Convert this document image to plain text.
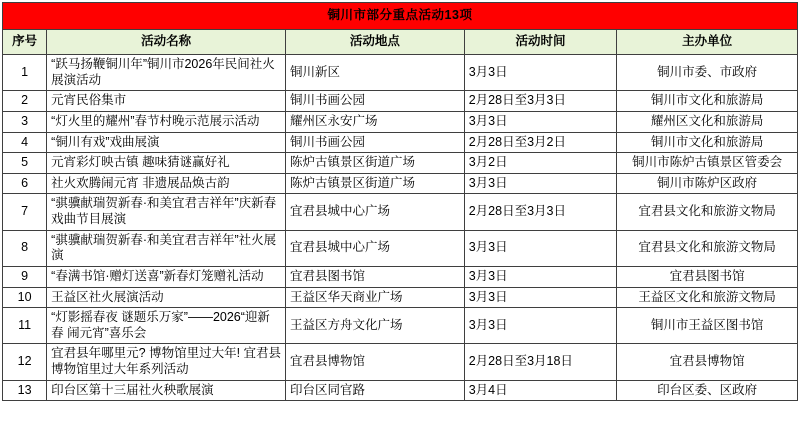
铜川市部分重点活动13项				
序号	活动名称	活动地点	活动时间	主办单位
1	“跃马扬鞭铜川年”铜川市2026年民间社火展演活动	铜川新区	3月3日	铜川市委、市政府
2	元宵民俗集市	铜川书画公园	2月28日至3月3日	铜川市文化和旅游局
3	“灯火里的耀州”春节村晚示范展示活动	耀州区永安广场	3月3日	耀州区文化和旅游局
4	“铜川有戏”戏曲展演	铜川书画公园	2月28日至3月2日	铜川市文化和旅游局
5	元宵彩灯映古镇 趣味猜谜赢好礼	陈炉古镇景区街道广场	3月2日	铜川市陈炉古镇景区管委会
6	社火欢腾闹元宵 非遗展品焕古韵	陈炉古镇景区街道广场	3月3日	铜川市陈炉区政府
7	“骐骥献瑞贺新春·和美宜君吉祥年”庆新春戏曲节目展演	宜君县城中心广场	2月28日至3月3日	宜君县文化和旅游文物局
8	“骐骥献瑞贺新春·和美宜君吉祥年”社火展演	宜君县城中心广场	3月3日	宜君县文化和旅游文物局
9	“春满书馆·赠灯送喜”新春灯笼赠礼活动	宜君县图书馆	3月3日	宜君县图书馆
10	王益区社火展演活动	王益区华天商业广场	3月3日	王益区文化和旅游文物局
11	“灯影摇春夜 谜题乐万家”——2026“迎新春 闹元宵”喜乐会	王益区方舟文化广场	3月3日	铜川市王益区图书馆
12	宜君县年哪里元? 博物馆里过大年! 宜君县博物馆里过大年系列活动	宜君县博物馆	2月28日至3月18日	宜君县博物馆
13	印台区第十三届社火秧歌展演	印台区同官路	3月4日	印台区委、区政府
